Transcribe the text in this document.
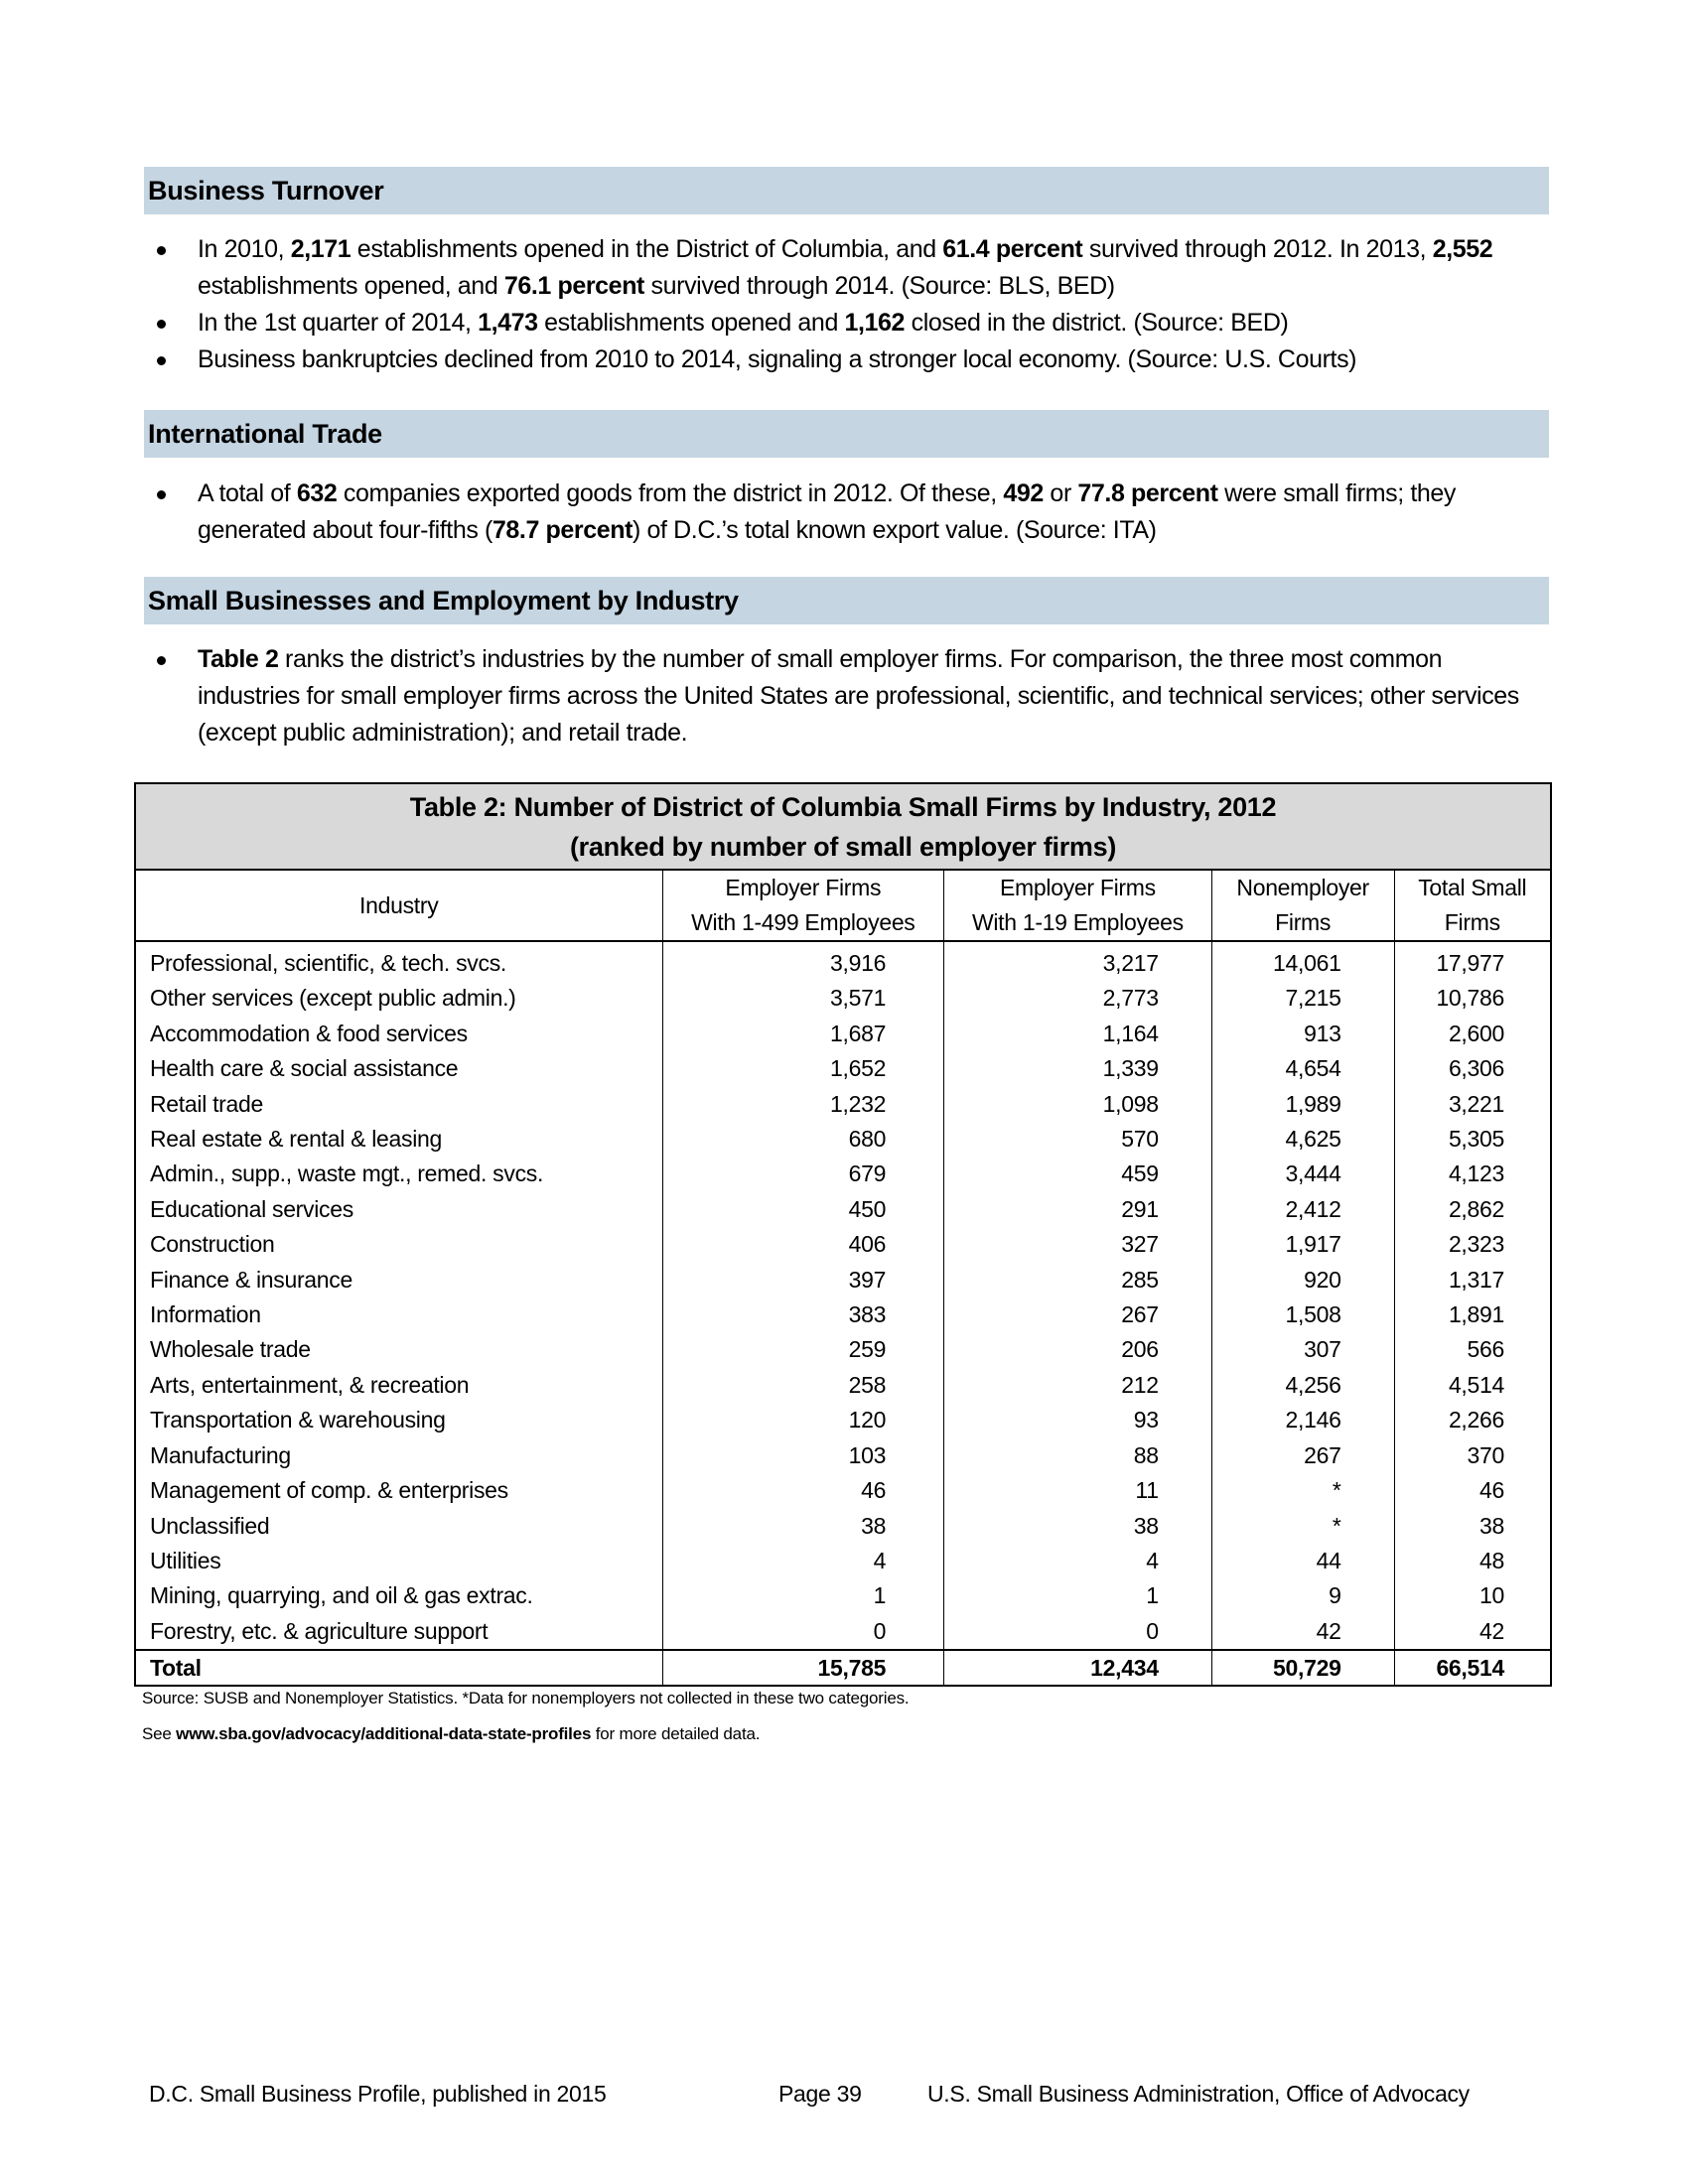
Business Turnover
In 2010, 2,171 establishments opened in the District of Columbia, and 61.4 percent survived through 2012. In 2013, 2,552 establishments opened, and 76.1 percent survived through 2014. (Source: BLS, BED)
In the 1st quarter of 2014, 1,473 establishments opened and 1,162 closed in the district. (Source: BED)
Business bankruptcies declined from 2010 to 2014, signaling a stronger local economy. (Source: U.S. Courts)
International Trade
A total of 632 companies exported goods from the district in 2012. Of these, 492 or 77.8 percent were small firms; they generated about four-fifths (78.7 percent) of D.C.’s total known export value. (Source: ITA)
Small Businesses and Employment by Industry
Table 2 ranks the district’s industries by the number of small employer firms. For comparison, the three most common industries for small employer firms across the United States are professional, scientific, and technical services; other services (except public administration); and retail trade.
Table 2: Number of District of Columbia Small Firms by Industry, 2012
(ranked by number of small employer firms)				

Industry	
Employer Firms
With 1-499 Employees

Employer Firms
With 1-19 Employees

Nonemployer
Firms

Total Small
Firms

Professional, scientific, & tech. svcs.	3,916	3,217	14,061	17,977
Other services (except public admin.)	3,571	2,773	7,215	10,786
Accommodation & food services	1,687	1,164	913	2,600
Health care & social assistance	1,652	1,339	4,654	6,306
Retail trade	1,232	1,098	1,989	3,221
Real estate & rental & leasing	680	570	4,625	5,305
Admin., supp., waste mgt., remed. svcs.	679	459	3,444	4,123
Educational services	450	291	2,412	2,862
Construction	406	327	1,917	2,323
Finance & insurance	397	285	920	1,317
Information	383	267	1,508	1,891
Wholesale trade	259	206	307	566
Arts, entertainment, & recreation	258	212	4,256	4,514
Transportation & warehousing	120	93	2,146	2,266
Manufacturing	103	88	267	370
Management of comp. & enterprises	46	11	*	46
Unclassified	38	38	*	38
Utilities	4	4	44	48
Mining, quarrying, and oil & gas extrac.	1	1	9	10
Forestry, etc. & agriculture support	0	0	42	42
Total	15,785	12,434	50,729	66,514
Source: SUSB and Nonemployer Statistics. *Data for nonemployers not collected in these two categories.
See www.sba.gov/advocacy/additional-data-state-profiles for more detailed data.
D.C. Small Business Profile, published in 2015	Page 39	U.S. Small Business Administration, Office of Advocacy
